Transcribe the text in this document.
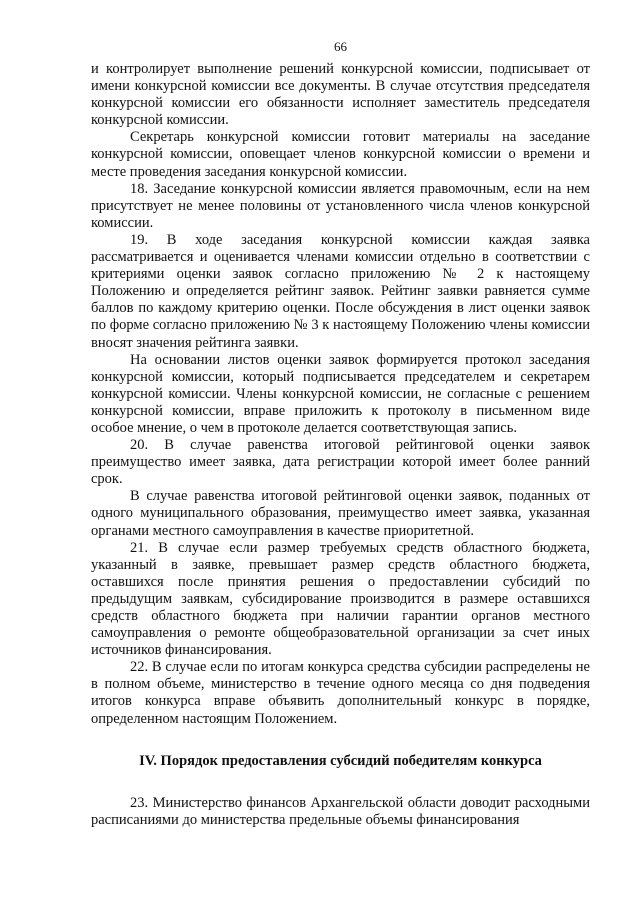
66

и контролирует выполнение решений конкурсной комиссии, подписывает от имени конкурсной комиссии все документы. В случае отсутствия председателя конкурсной комиссии его обязанности исполняет заместитель председателя конкурсной комиссии.

Секретарь конкурсной комиссии готовит материалы на заседание конкурсной комиссии, оповещает членов конкурсной комиссии о времени и месте проведения заседания конкурсной комиссии.

18. Заседание конкурсной комиссии является правомочным, если на нем присутствует не менее половины от установленного числа членов конкурсной комиссии.

19. В ходе заседания конкурсной комиссии каждая заявка рассматривается и оценивается членами комиссии отдельно в соответствии с критериями оценки заявок согласно приложению № 2 к настоящему Положению и определяется рейтинг заявок. Рейтинг заявки равняется сумме баллов по каждому критерию оценки. После обсуждения в лист оценки заявок по форме согласно приложению № 3 к настоящему Положению члены комиссии вносят значения рейтинга заявки.

На основании листов оценки заявок формируется протокол заседания конкурсной комиссии, который подписывается председателем и секретарем конкурсной комиссии. Члены конкурсной комиссии, не согласные с решением конкурсной комиссии, вправе приложить к протоколу в письменном виде особое мнение, о чем в протоколе делается соответствующая запись.

20. В случае равенства итоговой рейтинговой оценки заявок преимущество имеет заявка, дата регистрации которой имеет более ранний срок.

В случае равенства итоговой рейтинговой оценки заявок, поданных от одного муниципального образования, преимущество имеет заявка, указанная органами местного самоуправления в качестве приоритетной.

21. В случае если размер требуемых средств областного бюджета, указанный в заявке, превышает размер средств областного бюджета, оставшихся после принятия решения о предоставлении субсидий по предыдущим заявкам, субсидирование производится в размере оставшихся средств областного бюджета при наличии гарантии органов местного самоуправления о ремонте общеобразовательной организации за счет иных источников финансирования.

22. В случае если по итогам конкурса средства субсидии распределены не в полном объеме, министерство в течение одного месяца со дня подведения итогов конкурса вправе объявить дополнительный конкурс в порядке, определенном настоящим Положением.

IV. Порядок предоставления субсидий победителям конкурса

23. Министерство финансов Архангельской области доводит расходными расписаниями до министерства предельные объемы финансирования
